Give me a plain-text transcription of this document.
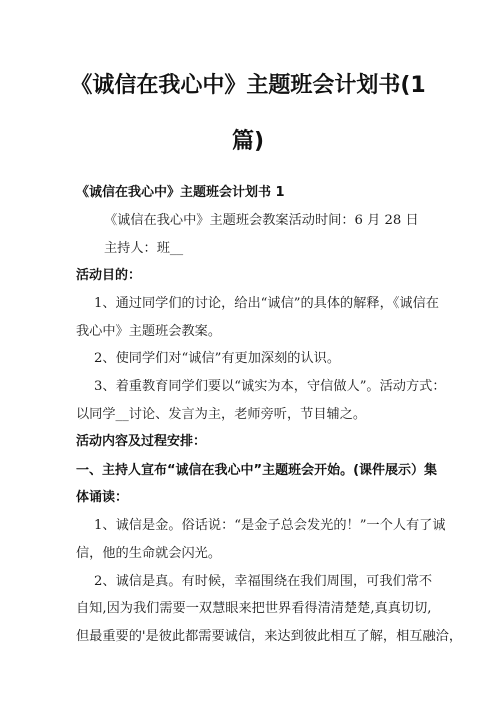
《诚信在我心中》主题班会计划书(1
篇)
《诚信在我心中》主题班会计划书 1
《诚信在我心中》主题班会教案活动时间：6 月 28 日
主持人：班__
活动目的：
1、通过同学们的讨论，给出“诚信”的具体的解释，《诚信在
我心中》主题班会教案。
2、使同学们对“诚信”有更加深刻的认识。
3、着重教育同学们要以“诚实为本，守信做人”。活动方式：
以同学__讨论、发言为主，老师旁听，节目辅之。
活动内容及过程安排：
一、主持人宣布“诚信在我心中”主题班会开始。(课件展示）集
体诵读：
1、诚信是金。俗话说：“是金子总会发光的！”一个人有了诚
信，他的生命就会闪光。
2、诚信是真。有时候，幸福围绕在我们周围，可我们常不
自知,因为我们需要一双慧眼来把世界看得清清楚楚,真真切切,
但最重要的'是彼此都需要诚信，来达到彼此相互了解，相互融洽，
